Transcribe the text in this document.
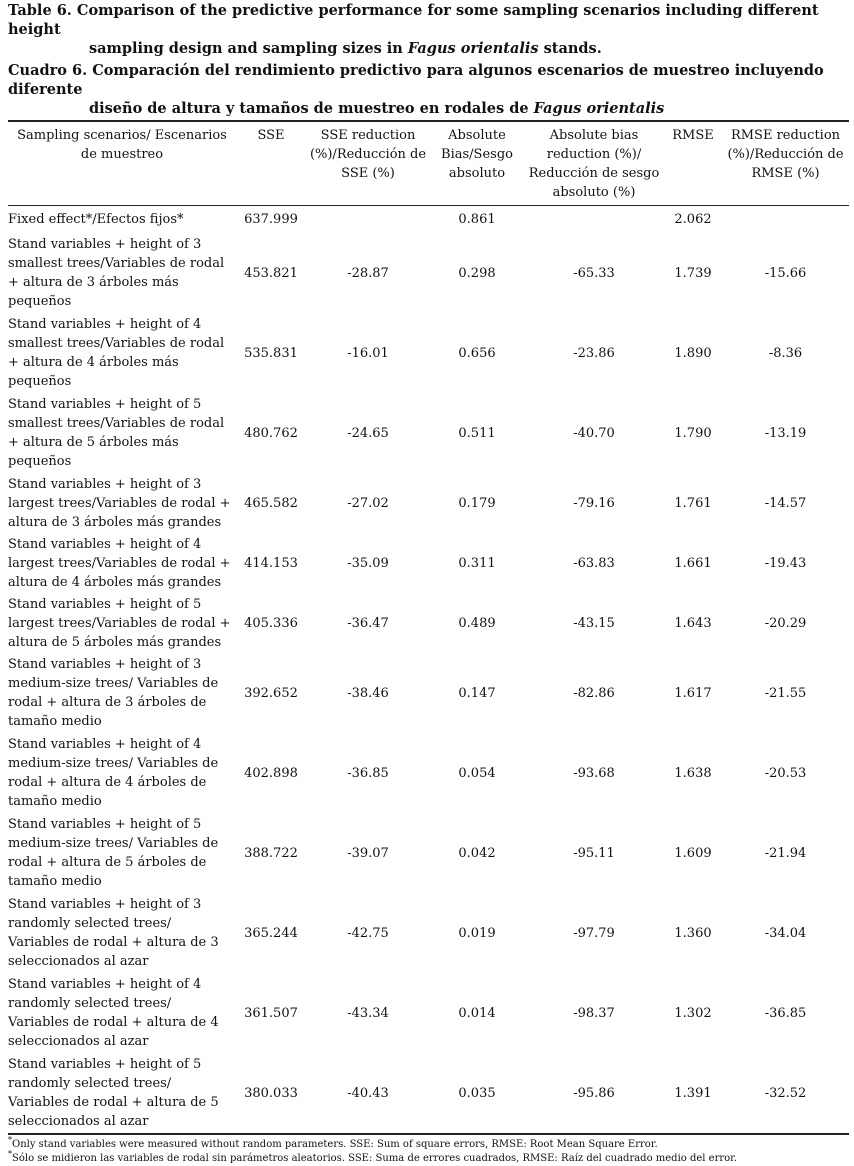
Table 6. Comparison of the predictive performance for some sampling scenarios including different height
sampling design and sampling sizes in Fagus orientalis stands.
Cuadro 6. Comparación del rendimiento predictivo para algunos escenarios de muestreo incluyendo diferente
diseño de altura y tamaños de muestreo en rodales de Fagus orientalis
Sampling scenarios/ Escenarios de muestreo	SSE	SSE reduction (%)/Reducción de SSE (%)	Absolute Bias/Sesgo absoluto	Absolute bias reduction (%)/ Reducción de sesgo absoluto (%)	RMSE	RMSE reduction (%)/Reducción de RMSE (%)
Fixed effect*/Efectos fijos*	637.999		0.861		2.062	
Stand variables + height of 3 smallest trees/Variables de rodal + altura de 3 árboles más pequeños	453.821	-28.87	0.298	-65.33	1.739	-15.66
Stand variables + height of 4 smallest trees/Variables de rodal + altura de 4 árboles más pequeños	535.831	-16.01	0.656	-23.86	1.890	-8.36
Stand variables + height of 5 smallest trees/Variables de rodal + altura de 5 árboles más pequeños	480.762	-24.65	0.511	-40.70	1.790	-13.19
Stand variables + height of 3 largest trees/Variables de rodal + altura de 3 árboles más grandes	465.582	-27.02	0.179	-79.16	1.761	-14.57
Stand variables + height of 4 largest trees/Variables de rodal + altura de 4 árboles más grandes	414.153	-35.09	0.311	-63.83	1.661	-19.43
Stand variables + height of 5 largest trees/Variables de rodal + altura de 5 árboles más grandes	405.336	-36.47	0.489	-43.15	1.643	-20.29
Stand variables + height of 3 medium-size trees/ Variables de rodal + altura de 3 árboles de tamaño medio	392.652	-38.46	0.147	-82.86	1.617	-21.55
Stand variables + height of 4 medium-size trees/ Variables de rodal + altura de 4 árboles de tamaño medio	402.898	-36.85	0.054	-93.68	1.638	-20.53
Stand variables + height of 5 medium-size trees/ Variables de rodal + altura de 5 árboles de tamaño medio	388.722	-39.07	0.042	-95.11	1.609	-21.94
Stand variables + height of 3 randomly selected trees/ Variables de rodal + altura de 3 seleccionados al azar	365.244	-42.75	0.019	-97.79	1.360	-34.04
Stand variables + height of 4 randomly selected trees/ Variables de rodal + altura de 4 seleccionados al azar	361.507	-43.34	0.014	-98.37	1.302	-36.85
Stand variables + height of 5 randomly selected trees/ Variables de rodal + altura de 5 seleccionados al azar	380.033	-40.43	0.035	-95.86	1.391	-32.52
*Only stand variables were measured without random parameters. SSE: Sum of square errors, RMSE: Root Mean Square Error.
*Sólo se midieron las variables de rodal sin parámetros aleatorios. SSE: Suma de errores cuadrados, RMSE: Raíz del cuadrado medio del error.
